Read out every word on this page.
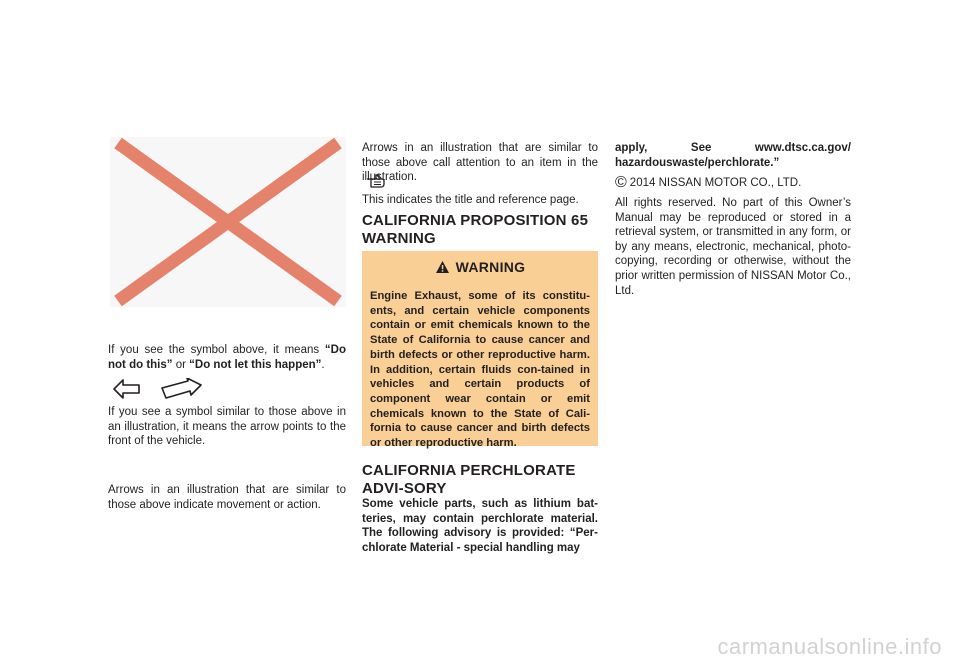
If you see the symbol above, it means “Do not do this” or “Do not let this happen”.

If you see a symbol similar to those above in an illustration, it means the arrow points to the front of the vehicle.

Arrows in an illustration that are similar to those above indicate movement or action.

Arrows in an illustration that are similar to those above call attention to an item in the illustration.

This indicates the title and reference page.

CALIFORNIA PROPOSITION 65 WARNING
WARNING

Engine Exhaust, some of its constitu-ents, and certain vehicle components contain or emit chemicals known to the State of California to cause cancer and birth defects or other reproductive harm. In addition, certain fluids con-tained in vehicles and certain products of component wear contain or emit chemicals known to the State of Cali-fornia to cause cancer and birth defects or other reproductive harm.

CALIFORNIA PERCHLORATE ADVI-SORY

Some vehicle parts, such as lithium bat-teries, may contain perchlorate material. The following advisory is provided: “Per-chlorate Material - special handling may

apply, See www.dtsc.ca.gov/ hazardouswaste/perchlorate.”

© 2014 NISSAN MOTOR CO., LTD.

All rights reserved. No part of this Owner’s Manual may be reproduced or stored in a retrieval system, or transmitted in any form, or by any means, electronic, mechanical, photo-copying, recording or otherwise, without the prior written permission of NISSAN Motor Co., Ltd.

carmanualsonline.info
